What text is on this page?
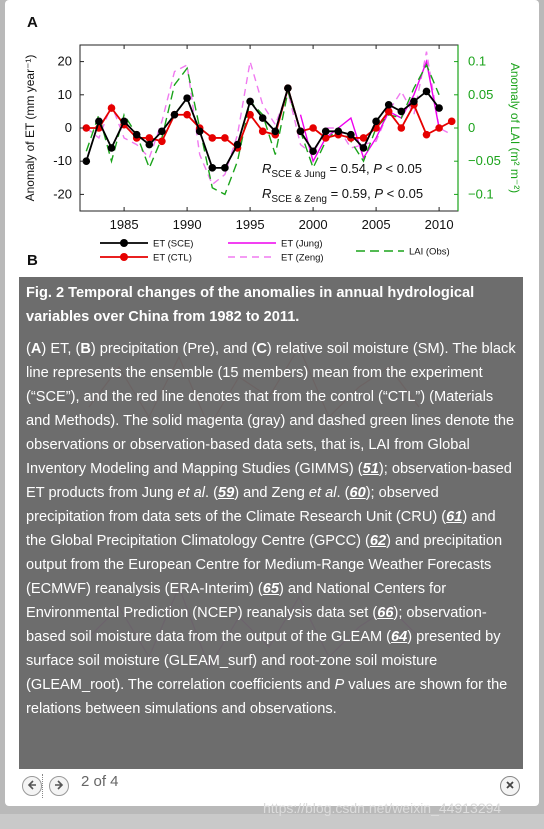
A
1985	1990	1995	2000	2005	2010
20
10
0
-10
-20
0.1
0.05
0
−0.05
−0.1
Anomaly of ET (mm year⁻¹)	Anomaly of LAI (m² m⁻²)
$R_{SCE \& Jung} = 0.54$, P < 0.05
$R_{SCE \& Zeng} = 0.59$, P < 0.05
ET (SCE)
ET (CTL)
ET (Jung)
ET (Zeng)
LAI (Obs)
B
Fig. 2 Temporal changes of the anomalies in annual hydrological variables over China from 1982 to 2011.
(A) ET, (B) precipitation (Pre), and (C) relative soil moisture (SM). The black line represents the ensemble (15 members) mean from the experiment (“SCE”), and the red line denotes that from the control (“CTL”) (Materials and Methods). The solid magenta (gray) and dashed green lines denote the observations or observation-based data sets, that is, LAI from Global Inventory Modeling and Mapping Studies (GIMMS) (51); observation-based ET products from Jung et al. (59) and Zeng et al. (60); observed precipitation from data sets of the Climate Research Unit (CRU) (61) and the Global Precipitation Climatology Centre (GPCC) (62) and precipitation output from the European Centre for Medium-Range Weather Forecasts (ECMWF) reanalysis (ERA-Interim) (65) and National Centers for Environmental Prediction (NCEP) reanalysis data set (66); observation-based soil moisture data from the output of the GLEAM (64) presented by surface soil moisture (GLEAM_surf) and root-zone soil moisture (GLEAM_root). The correlation coefficients and P values are shown for the relations between simulations and observations.
2 of 4
https://blog.csdn.net/weixin_44913294
